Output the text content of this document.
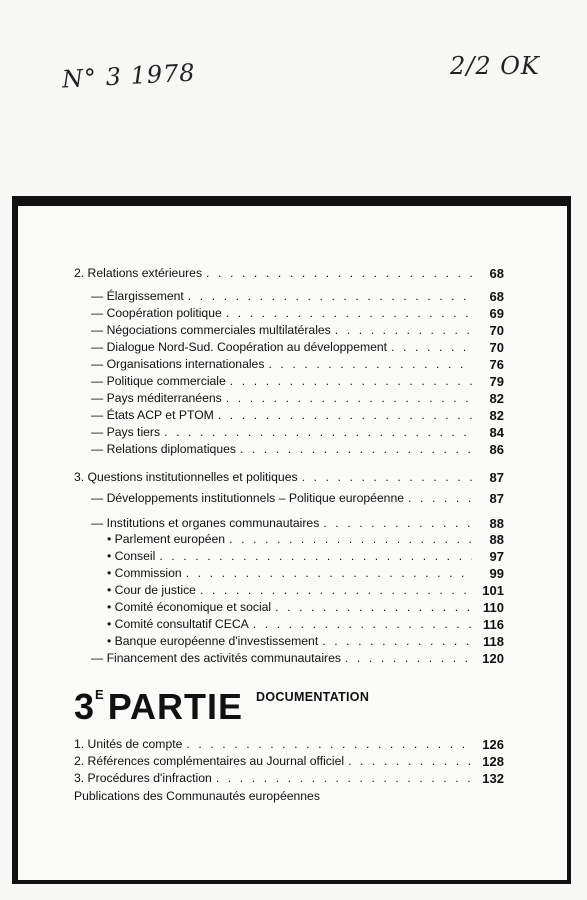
N° 3 1978	2/2 OK
2. Relations extérieures . . .	68
— Élargissement . . .	68
— Coopération politique . . .	69
— Négociations commerciales multilatérales . . .	70
— Dialogue Nord-Sud. Coopération au développement . . .	70
— Organisations internationales . . .	76
— Politique commerciale . . .	79
— Pays méditerranéens . . .	82
— États ACP et PTOM . . .	82
— Pays tiers . . .	84
— Relations diplomatiques . . .	86
3. Questions institutionnelles et politiques . . .	87
— Développements institutionnels – Politique européenne . . .	87
— Institutions et organes communautaires . . .	88
• Parlement européen . . .	88
• Conseil . . .	97
• Commission . . .	99
• Cour de justice . . .	101
• Comité économique et social . . .	110
• Comité consultatif CECA . . .	116
• Banque européenne d'investissement . . .	118
— Financement des activités communautaires . . .	120
$3^E$ PARTIE DOCUMENTATION
1. Unités de compte . . .	126
2. Références complémentaires au Journal officiel . . .	128
3. Procédures d'infraction . . .	132
Publications des Communautés européennes
